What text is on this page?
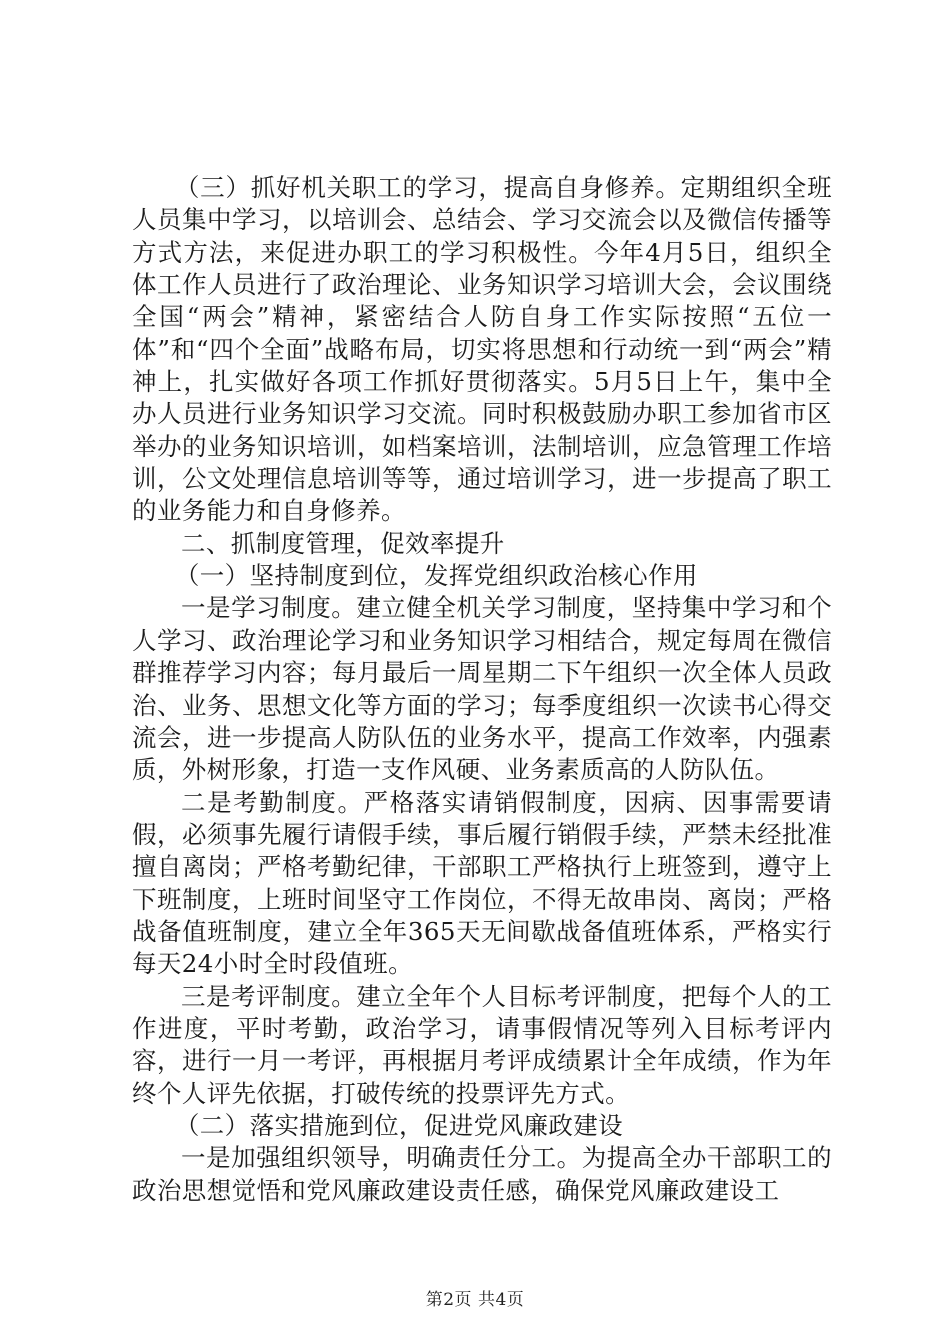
（三）抓好机关职工的学习，提高自身修养。定期组织全班人员集中学习，以培训会、总结会、学习交流会以及微信传播等方式方法，来促进办职工的学习积极性。今年4月5日，组织全体工作人员进行了政治理论、业务知识学习培训大会，会议围绕全国“两会”精神，紧密结合人防自身工作实际按照“五位一体”和“四个全面”战略布局，切实将思想和行动统一到“两会”精神上，扎实做好各项工作抓好贯彻落实。5月5日上午，集中全办人员进行业务知识学习交流。同时积极鼓励办职工参加省市区举办的业务知识培训，如档案培训，法制培训，应急管理工作培训，公文处理信息培训等等，通过培训学习，进一步提高了职工的业务能力和自身修养。

二、抓制度管理，促效率提升

（一）坚持制度到位，发挥党组织政治核心作用

一是学习制度。建立健全机关学习制度，坚持集中学习和个人学习、政治理论学习和业务知识学习相结合，规定每周在微信群推荐学习内容；每月最后一周星期二下午组织一次全体人员政治、业务、思想文化等方面的学习；每季度组织一次读书心得交流会，进一步提高人防队伍的业务水平，提高工作效率，内强素质，外树形象，打造一支作风硬、业务素质高的人防队伍。

二是考勤制度。严格落实请销假制度，因病、因事需要请假，必须事先履行请假手续，事后履行销假手续，严禁未经批准擅自离岗；严格考勤纪律，干部职工严格执行上班签到，遵守上下班制度，上班时间坚守工作岗位，不得无故串岗、离岗；严格战备值班制度，建立全年365天无间歇战备值班体系，严格实行每天24小时全时段值班。

三是考评制度。建立全年个人目标考评制度，把每个人的工作进度，平时考勤，政治学习，请事假情况等列入目标考评内容，进行一月一考评，再根据月考评成绩累计全年成绩，作为年终个人评先依据，打破传统的投票评先方式。

（二）落实措施到位，促进党风廉政建设

一是加强组织领导，明确责任分工。为提高全办干部职工的政治思想觉悟和党风廉政建设责任感，确保党风廉政建设工

第2页 共4页
